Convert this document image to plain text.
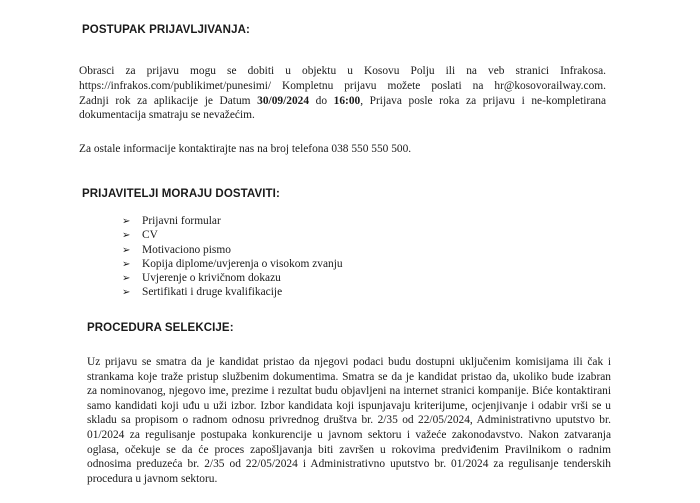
POSTUPAK PRIJAVLJIVANJA:
Obrasci za prijavu mogu se dobiti u objektu u Kosovu Polju ili na veb stranici Infrakosa.
https://infrakos.com/publikimet/punesimi/ Kompletnu prijavu možete poslati na hr@kosovorailway.com.
Zadnji rok za aplikacije je Datum 30/09/2024 do 16:00, Prijava posle roka za prijavu i ne-kompletirana
dokumentacija smatraju se nevažećim.
Za ostale informacije kontaktirajte nas na broj telefona 038 550 550 500.
PRIJAVITELJI MORAJU DOSTAVITI:
➢ Prijavni formular
➢ CV
➢ Motivaciono pismo
➢ Kopija diplome/uvjerenja o visokom zvanju
➢ Uvjerenje o krivičnom dokazu
➢ Sertifikati i druge kvalifikacije
PROCEDURA SELEKCIJE:
Uz prijavu se smatra da je kandidat pristao da njegovi podaci budu dostupni uključenim komisijama ili čak i
strankama koje traže pristup službenim dokumentima. Smatra se da je kandidat pristao da, ukoliko bude izabran
za nominovanog, njegovo ime, prezime i rezultat budu objavljeni na internet stranici kompanije. Biće kontaktirani
samo kandidati koji uđu u uži izbor. Izbor kandidata koji ispunjavaju kriterijume, ocjenjivanje i odabir vrši se u
skladu sa propisom o radnom odnosu privrednog društva br. 2/35 od 22/05/2024, Administrativno uputstvo br.
01/2024 za regulisanje postupaka konkurencije u javnom sektoru i važeće zakonodavstvo. Nakon zatvaranja
oglasa, očekuje se da će proces zapošljavanja biti završen u rokovima predviđenim Pravilnikom o radnim
odnosima preduzeća br. 2/35 od 22/05/2024 i Administrativno uputstvo br. 01/2024 za regulisanje tenderskih
procedura u javnom sektoru.
